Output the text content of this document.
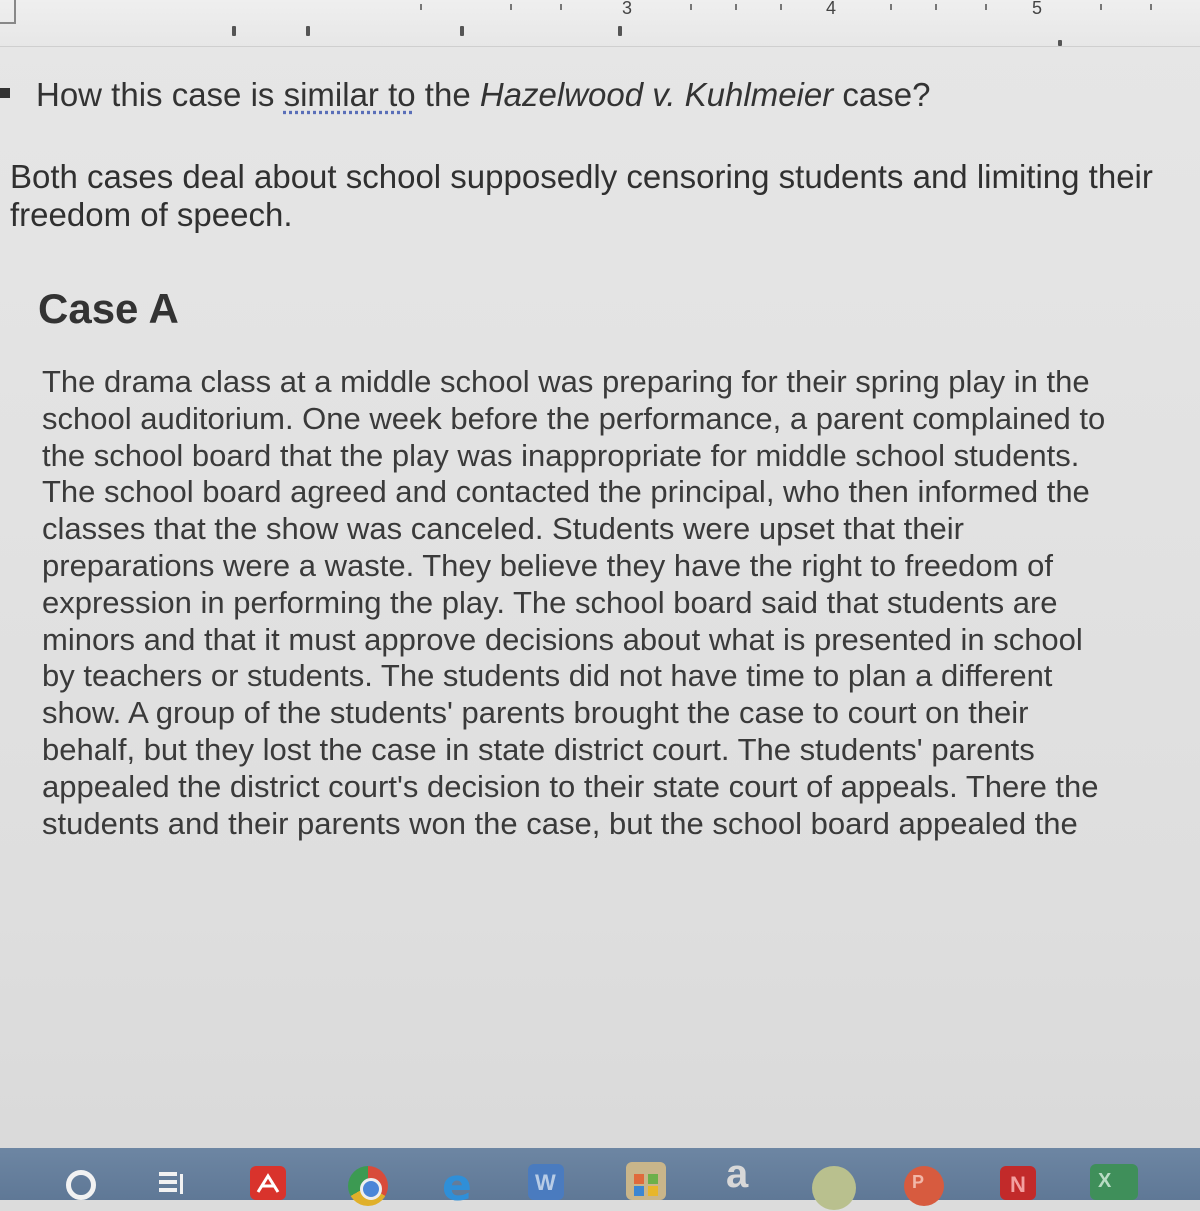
3	4	5
How this case is similar to the Hazelwood v. Kuhlmeier case?
Both cases deal about school supposedly censoring students and limiting their freedom of speech.
Case A

The drama class at a middle school was preparing for their spring play in the

school auditorium. One week before the performance, a parent complained to

the school board that the play was inappropriate for middle school students.

The school board agreed and contacted the principal, who then informed the

classes that the show was canceled. Students were upset that their

preparations were a waste. They believe they have the right to freedom of

expression in performing the play. The school board said that students are

minors and that it must approve decisions about what is presented in school

by teachers or students. The students did not have time to plan a different

show. A group of the students' parents brought the case to court on their

behalf, but they lost the case in state district court. The students' parents

appealed the district court's decision to their state court of appeals. There the

students and their parents won the case, but the school board appealed the

e	W	a	P	N	X
